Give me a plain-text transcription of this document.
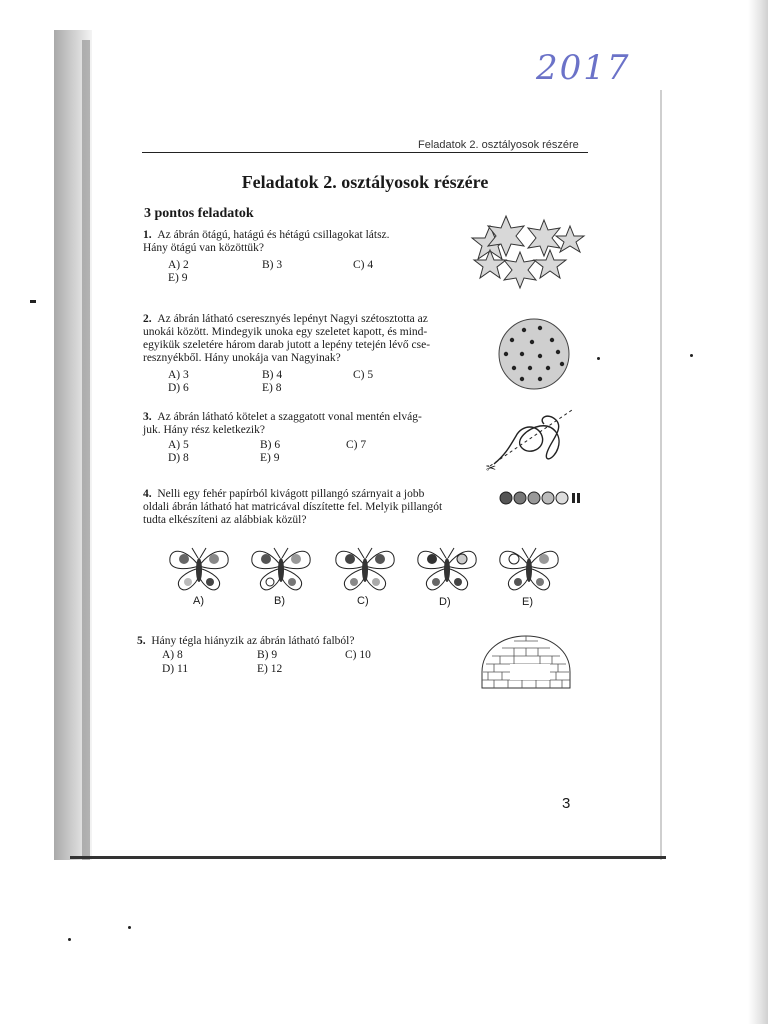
2017
Feladatok 2. osztályosok részére
Feladatok 2. osztályosok részére
3 pontos feladatok
1. Az ábrán ötágú, hatágú és hétágú csillagokat látsz.
Hány ötágú van közöttük?
A) 2	B) 3	C) 4
E) 9
2. Az ábrán látható cseresznyés lepényt Nagyi szétosztotta az
unokái között. Mindegyik unoka egy szeletet kapott, és mind-
egyikük szeletére három darab jutott a lepény tetején lévő cse-
resznyékből. Hány unokája van Nagyinak?
A) 3	B) 4	C) 5
D) 6	E) 8
3. Az ábrán látható kötelet a szaggatott vonal mentén elvág-
juk. Hány rész keletkezik?
A) 5	B) 6	C) 7
D) 8	E) 9
✂
4. Nelli egy fehér papírból kivágott pillangó szárnyait a jobb
oldali ábrán látható hat matricával díszítette fel. Melyik pillangót
tudta elkészíteni az alábbiak közül?
A)	B)	C)	D)	E)
5. Hány tégla hiányzik az ábrán látható falból?
A) 8	B) 9	C) 10
D) 11	E) 12
3
